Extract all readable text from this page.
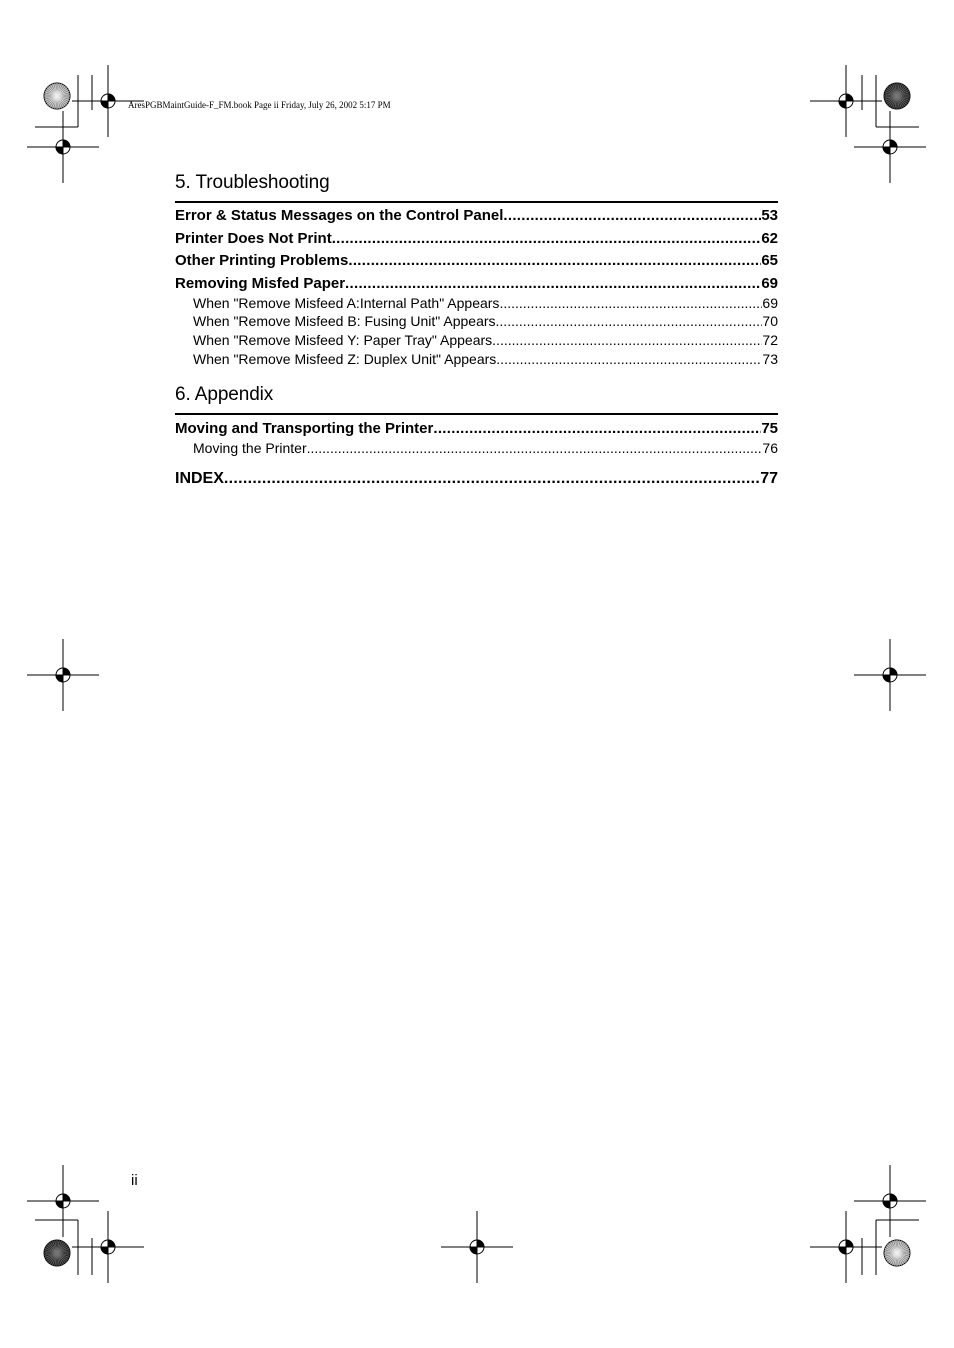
AresPGBMaintGuide-F_FM.book Page ii Friday, July 26, 2002 5:17 PM
5. Troubleshooting
Error & Status Messages on the Control Panel .....	53
Printer Does Not Print .....	62
Other Printing Problems .....	65
Removing Misfed Paper .....	69
When "Remove Misfeed A:Internal Path" Appears .....	69
When "Remove Misfeed B: Fusing Unit" Appears .....	70
When "Remove Misfeed Y: Paper Tray" Appears .....	72
When "Remove Misfeed Z: Duplex Unit" Appears .....	73
6. Appendix
Moving and Transporting the Printer .....	75
Moving the Printer .....	76
INDEX .....	77
ii
